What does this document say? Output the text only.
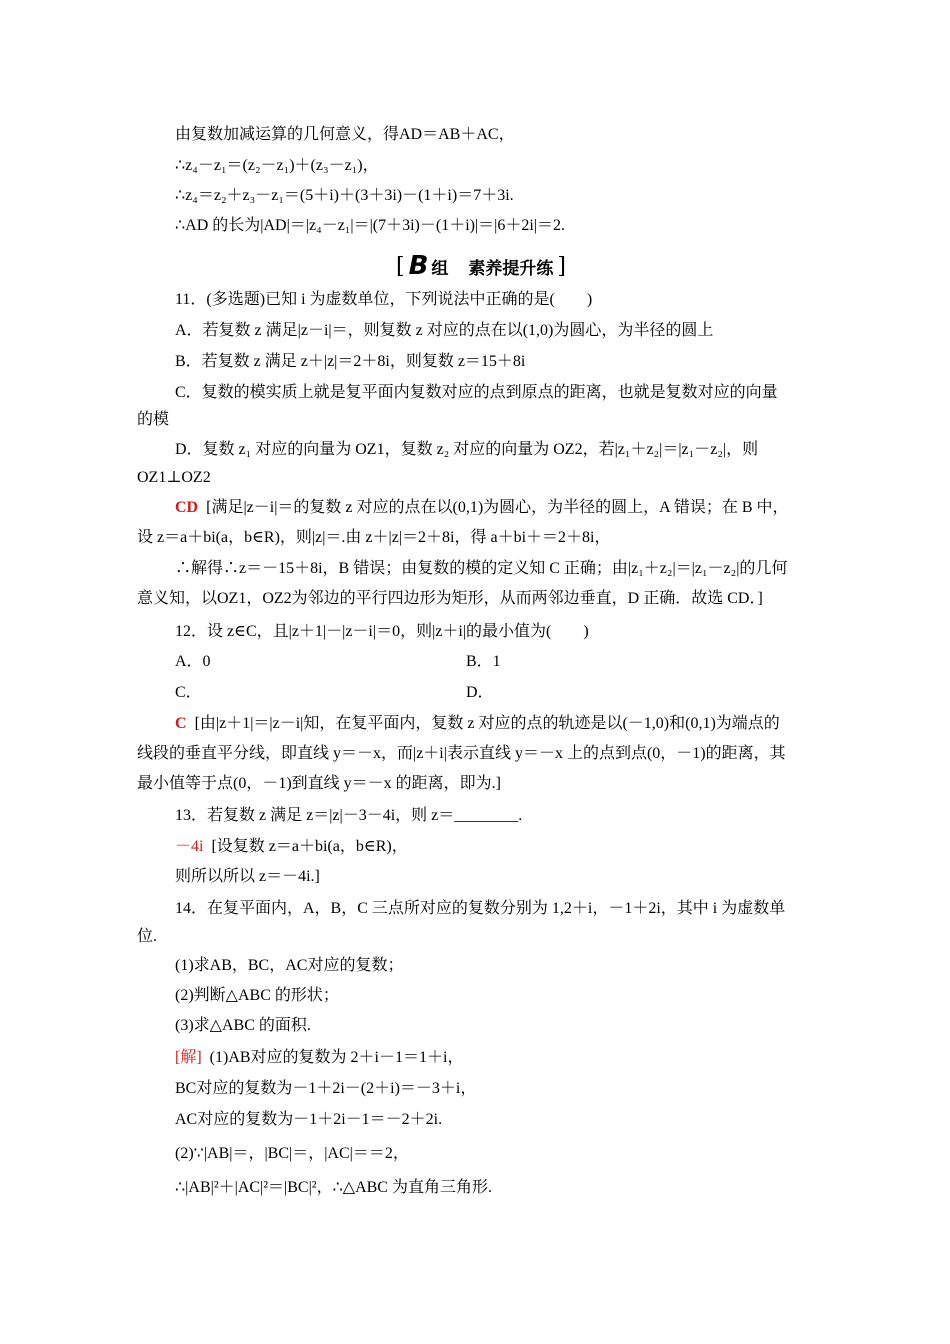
由复数加减运算的几何意义，得AD＝AB＋AC，
∴z₄－z₁＝(z₂－z₁)＋(z₃－z₁)，
∴z₄＝z₂＋z₃－z₁＝(5＋i)＋(3＋3i)－(1＋i)＝7＋3i.
∴AD 的长为|AD|＝|z₄－z₁|＝|(7＋3i)－(1＋i)|＝|6＋2i|＝2.
[ B 组 素养提升练 ]
11．(多选题)已知 i 为虚数单位，下列说法中正确的是(　　)
A．若复数 z 满足|z－i|＝，则复数 z 对应的点在以(1,0)为圆心，为半径的圆上
B．若复数 z 满足 z＋|z|＝2＋8i，则复数 z＝15＋8i
C．复数的模实质上就是复平面内复数对应的点到原点的距离，也就是复数对应的向量
的模
D．复数 z₁ 对应的向量为 OZ1，复数 z₂ 对应的向量为 OZ2，若|z₁＋z₂|＝|z₁－z₂|，则
OZ1⊥OZ2
CD [满足|z－i|＝的复数 z 对应的点在以(0,1)为圆心，为半径的圆上，A 错误；在 B 中，
设 z＝a＋bi(a，b∈R)，则|z|＝.由 z＋|z|＝2＋8i，得 a＋bi＋＝2＋8i，
∴解得∴z＝－15＋8i，B 错误；由复数的模的定义知 C 正确；由|z₁＋z₂|＝|z₁－z₂|的几何
意义知，以OZ1，OZ2为邻边的平行四边形为矩形，从而两邻边垂直，D 正确．故选 CD．]
12．设 z∈C，且|z＋1|－|z－i|＝0，则|z＋i|的最小值为(　　)
A．0	B．1
C．	D．
C [由|z＋1|＝|z－i|知，在复平面内，复数 z 对应的点的轨迹是以(－1,0)和(0,1)为端点的
线段的垂直平分线，即直线 y＝－x，而|z＋i|表示直线 y＝－x 上的点到点(0，－1)的距离，其
最小值等于点(0，－1)到直线 y＝－x 的距离，即为.]
13．若复数 z 满足 z＝|z|－3－4i，则 z＝________.
－4i [设复数 z＝a＋bi(a，b∈R)，
则所以所以 z＝－4i.]
14．在复平面内，A，B，C 三点所对应的复数分别为 1,2＋i，－1＋2i，其中 i 为虚数单
位.
(1)求AB，BC，AC对应的复数；
(2)判断△ABC 的形状；
(3)求△ABC 的面积.
[解] (1)AB对应的复数为 2＋i－1＝1＋i，
BC对应的复数为－1＋2i－(2＋i)＝－3＋i，
AC对应的复数为－1＋2i－1＝－2＋2i.
(2)∵|AB|＝，|BC|＝，|AC|＝＝2，
∴|AB|²＋|AC|²＝|BC|²，∴△ABC 为直角三角形.
